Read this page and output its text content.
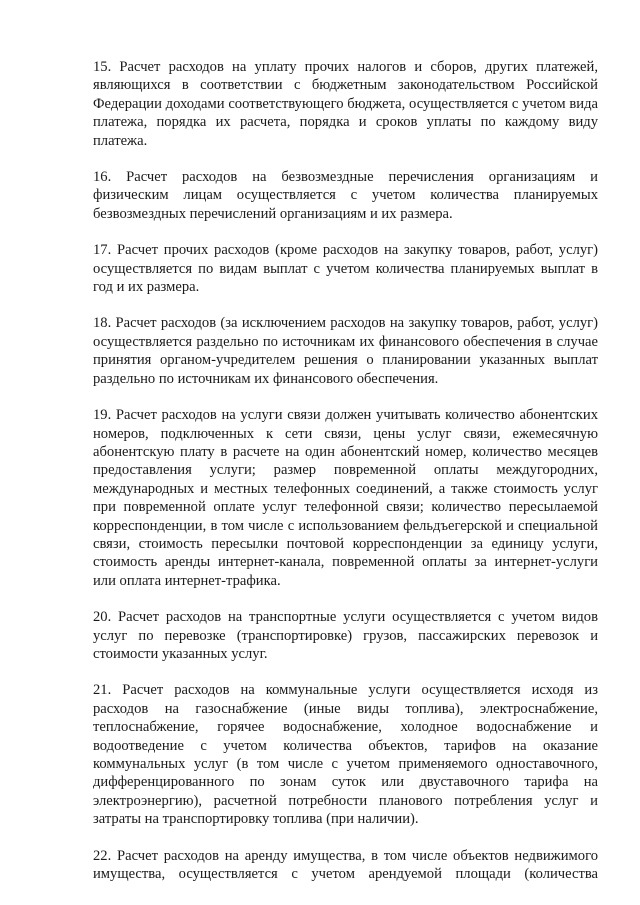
15. Расчет расходов на уплату прочих налогов и сборов, других платежей, являющихся в соответствии с бюджетным законодательством Российской Федерации доходами соответствующего бюджета, осуществляется с учетом вида платежа, порядка их расчета, порядка и сроков уплаты по каждому виду платежа.

16. Расчет расходов на безвозмездные перечисления организациям и физическим лицам осуществляется с учетом количества планируемых безвозмездных перечислений организациям и их размера.

17. Расчет прочих расходов (кроме расходов на закупку товаров, работ, услуг) осуществляется по видам выплат с учетом количества планируемых выплат в год и их размера.

18. Расчет расходов (за исключением расходов на закупку товаров, работ, услуг) осуществляется раздельно по источникам их финансового обеспечения в случае принятия органом-учредителем решения о планировании указанных выплат раздельно по источникам их финансового обеспечения.

19. Расчет расходов на услуги связи должен учитывать количество абонентских номеров, подключенных к сети связи, цены услуг связи, ежемесячную абонентскую плату в расчете на один абонентский номер, количество месяцев предоставления услуги; размер повременной оплаты междугородних, международных и местных телефонных соединений, а также стоимость услуг при повременной оплате услуг телефонной связи; количество пересылаемой корреспонденции, в том числе с использованием фельдъегерской и специальной связи, стоимость пересылки почтовой корреспонденции за единицу услуги, стоимость аренды интернет-канала, повременной оплаты за интернет-услуги или оплата интернет-трафика.

20. Расчет расходов на транспортные услуги осуществляется с учетом видов услуг по перевозке (транспортировке) грузов, пассажирских перевозок и стоимости указанных услуг.

21. Расчет расходов на коммунальные услуги осуществляется исходя из расходов на газоснабжение (иные виды топлива), электроснабжение, теплоснабжение, горячее водоснабжение, холодное водоснабжение и водоотведение с учетом количества объектов, тарифов на оказание коммунальных услуг (в том числе с учетом применяемого одноставочного, дифференцированного по зонам суток или двуставочного тарифа на электроэнергию), расчетной потребности планового потребления услуг и затраты на транспортировку топлива (при наличии).

22. Расчет расходов на аренду имущества, в том числе объектов недвижимого имущества, осуществляется с учетом арендуемой площади (количества
